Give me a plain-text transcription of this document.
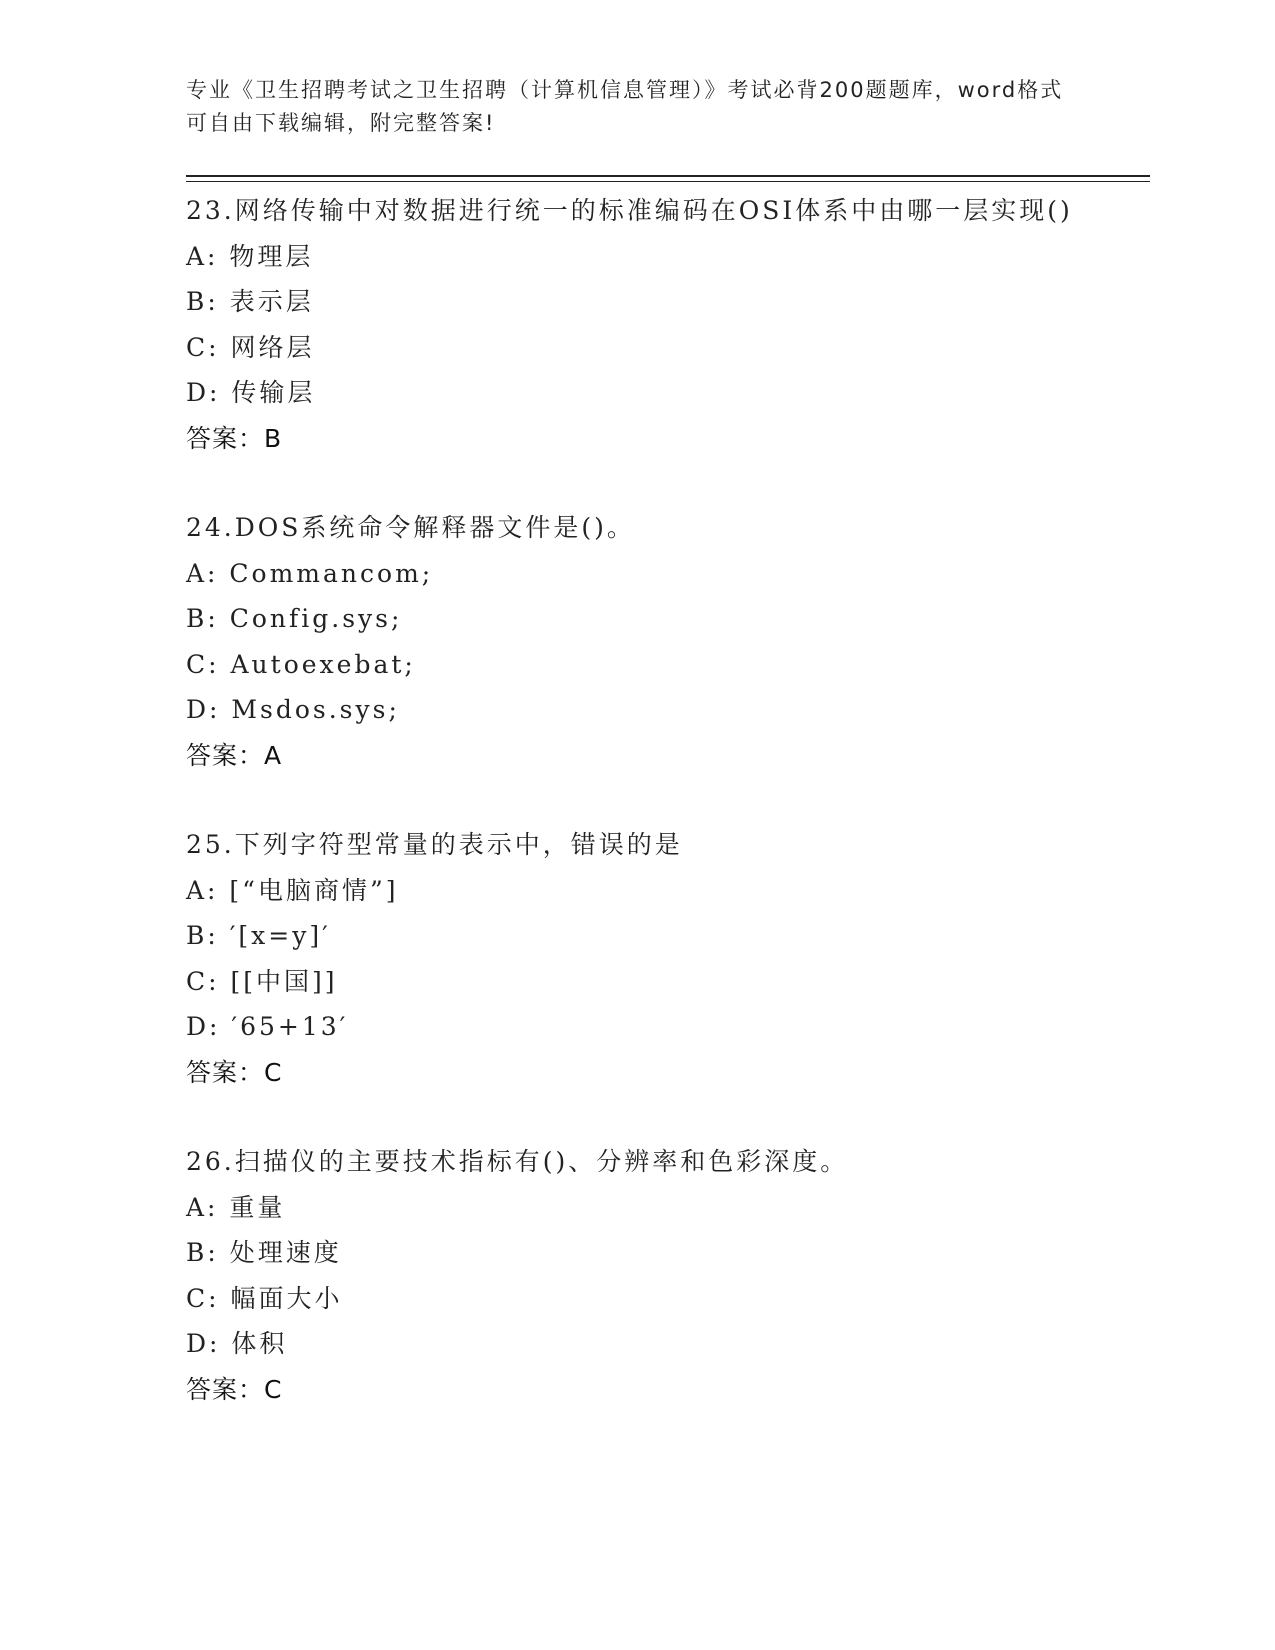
专业《卫生招聘考试之卫生招聘（计算机信息管理）》考试必背200题题库，word格式可自由下载编辑，附完整答案!
23.网络传输中对数据进行统一的标准编码在OSI体系中由哪一层实现()
A: 物理层
B: 表示层
C: 网络层
D: 传输层
答案：B
24.DOS系统命令解释器文件是()。
A: Commancom;
B: Config.sys;
C: Autoexebat;
D: Msdos.sys;
答案：A
25.下列字符型常量的表示中，错误的是
A: [“电脑商情”]
B: ′[x=y]′
C: [[中国]]
D: ′65+13′
答案：C
26.扫描仪的主要技术指标有()、分辨率和色彩深度。
A: 重量
B: 处理速度
C: 幅面大小
D: 体积
答案：C
